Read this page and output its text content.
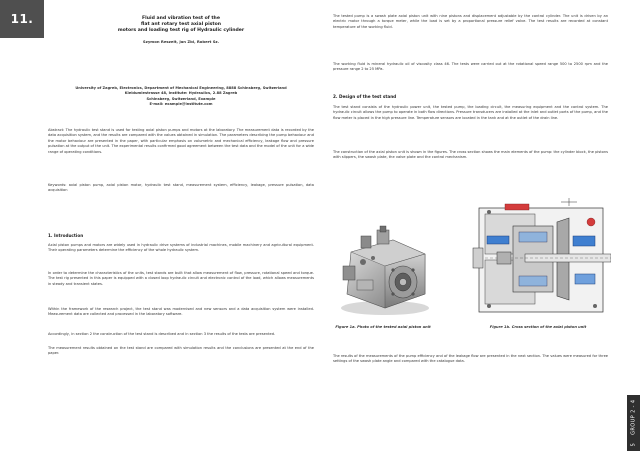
11.
5    GROUP 2 - 4

Fluid and vibration test of the

flat ant rotary test axial piston

motors and loading test rig of Hydraulic cylinder

Szymon Reszelt, Jan Zbi, Robert Sz.

University of Zagreb, Electronics, Department of Mechanical Engineering, 8888 Schinsberg, Switzerland

Kieldumlestrasse 48, Institute: Hydraulics, 2.88 Zagreb

Schinsberg, Switzerland, Example

E-mail: example@institute.com

Abstract: The hydraulic test stand is used for testing axial piston pumps and motors at the laboratory. The measurement data is recorded by the data acquisition system, and the results are compared with the values obtained in simulation. The parameters describing the pump behaviour and the motor behaviour are presented in the paper, with particular emphasis on volumetric and mechanical efficiency, leakage flow and pressure pulsation at the output of the unit. The experimental results confirmed good agreement between the test data and the model of the unit for a wide range of operating conditions.

Keywords: axial piston pump, axial piston motor, hydraulic test stand, measurement system, efficiency, leakage, pressure pulsation, data acquisition

1. Introduction

Axial piston pumps and motors are widely used in hydraulic drive systems of industrial machines, mobile machinery and agricultural equipment. Their operating parameters determine the efficiency of the whole hydraulic system.

In order to determine the characteristics of the units, test stands are built that allow measurement of flow, pressure, rotational speed and torque. The test rig presented in this paper is equipped with a closed loop hydraulic circuit and electronic control of the load, which allows measurements in steady and transient states.

Within the framework of the research project, the test stand was modernised and new sensors and a data acquisition system were installed. Measurement data are collected and processed in the laboratory software.

Accordingly, in section 2 the construction of the test stand is described and in section 3 the results of the tests are presented.

The measurement results obtained on the test stand are compared with simulation results and the conclusions are presented at the end of the paper.

The tested pump is a swash plate axial piston unit with nine pistons and displacement adjustable by the control cylinder. The unit is driven by an electric motor through a torque meter, while the load is set by a proportional pressure relief valve. The test results are recorded at constant temperature of the working fluid.

The working fluid is mineral hydraulic oil of viscosity class 46. The tests were carried out at the rotational speed range 500 to 2500 rpm and the pressure range 2 to 25 MPa.

2. Design of the test stand

The test stand consists of the hydraulic power unit, the tested pump, the loading circuit, the measuring equipment and the control system. The hydraulic circuit allows the pump to operate in both flow directions. Pressure transducers are installed at the inlet and outlet ports of the pump, and the flow meter is placed in the high pressure line. Temperature sensors are located in the tank and at the outlet of the drain line.

The construction of the axial piston unit is shown in the figures. The cross section shows the main elements of the pump: the cylinder block, the pistons with slippers, the swash plate, the valve plate and the control mechanism.

Figure 1a. Photo of the tested axial piston unit	Figure 1b. Cross section of the axial piston unit

The results of the measurements of the pump efficiency and of the leakage flow are presented in the next section. The values were measured for three settings of the swash plate angle and compared with the catalogue data.
